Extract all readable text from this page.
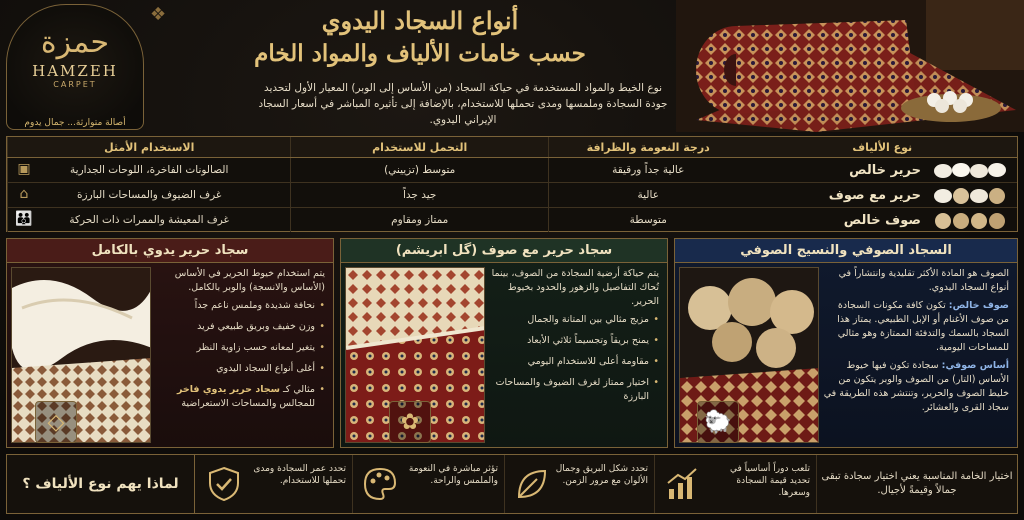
حمزة
HAMZEH
CARPET
أصالة متوارثة... جمال يدوم
❖	أنواع السجاد اليدوي
حسب خامات الألياف والمواد الخام
نوع الخيط والمواد المستخدمة في حياكة السجاد (من الأساس إلى الوبر) المعيار الأول لتحديد جودة السجادة وملمسها ومدى تحملها للاستخدام، بالإضافة إلى تأثيره المباشر في أسعار السجاد الإيراني اليدوي.
نوع الألياف
درجة النعومة والظرافة
التحمل للاستخدام
الاستخدام الأمثل
حرير خالص
عالية جداً ورقيقة
متوسط (تزييني)
الصالونات الفاخرة، اللوحات الجدارية
▣
حرير مع صوف
عالية
جيد جداً
غرف الضيوف والمساحات البارزة
⌂
صوف خالص
متوسطة
ممتاز ومقاوم
غرف المعيشة والممرات ذات الحركة
👪
سجاد حرير يدوي بالكامل

يتم استخدام خيوط الحرير في الأساس (الأساس والانسجة) والوبر بالكامل.

• نحافة شديدة وملمس ناعم جداً
• وزن خفيف وبريق طبيعي فريد
• يتغير لمعانه حسب زاوية النظر
• أغلى أنواع السجاد اليدوي
• مثالي كـ سجاد حرير يدوي فاخر للمجالس والمساحات الاستعراضية
◇
سجاد حرير مع صوف (گل ابريشم)

يتم حياكة أرضية السجادة من الصوف، بينما تُحاك التفاصيل والزهور والحدود بخيوط الحرير.

• مزيج مثالي بين المتانة والجمال
• يمنح بريقاً وتجسيماً ثلاثي الأبعاد
• مقاومة أعلى للاستخدام اليومي
• اختيار ممتاز لغرف الضيوف والمساحات البارزة
✿
السجاد الصوفي والنسيج الصوفي

الصوف هو المادة الأكثر تقليدية وانتشاراً في أنواع السجاد اليدوي.

صوف خالص: تكون كافة مكونات السجادة من صوف الأغنام أو الإبل الطبيعي. يمتاز هذا السجاد بالسمك والتدفئة الممتازة وهو مثالي للمساحات اليومية.

أساس صوفي: سجادة تكون فيها خيوط الأساس (التار) من الصوف والوبر يتكون من خليط الصوف والحرير، وتنتشر هذه الطريقة في سجاد القرى والعشائر.

🐑
لماذا يهم نوع الألياف ؟
تحدد عمر السجادة ومدى تحملها للاستخدام.
تؤثر مباشرة في النعومة والملمس والراحة.
تحدد شكل البريق وجمال الألوان مع مرور الزمن.
تلعب دوراً أساسياً في تحديد قيمة السجادة وسعرها.
اختيار الخامة المناسبة يعني اختيار سجادة تبقى جمالاً وقيمةً لأجيال.
